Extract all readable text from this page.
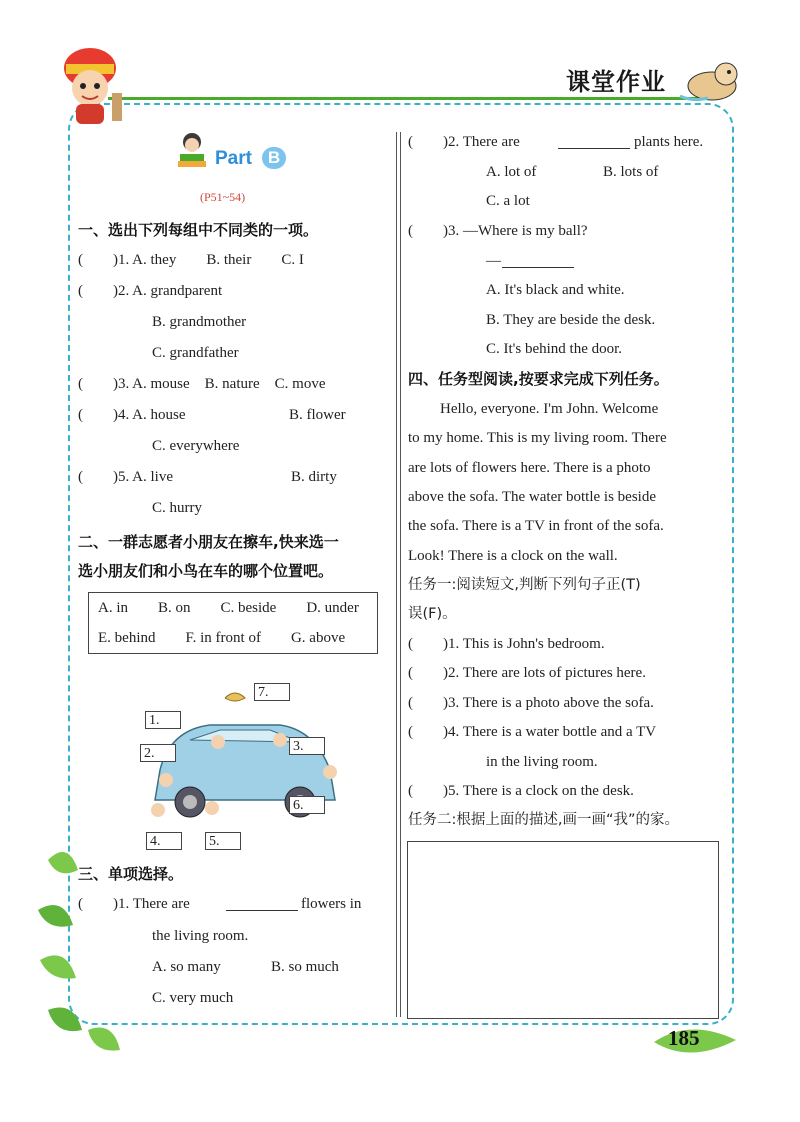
课堂作业
Part B
(P51~54)
一、选出下列每组中不同类的一项。
(　　)1. A. they　　B. their　　C. I
(　　)2. A. grandparent
B. grandmother
C. grandfather
(　　)3. A. mouse　B. nature　C. move
(　　)4. A. house	B. flower
C. everywhere
(　　)5. A. live	B. dirty
C. hurry
二、一群志愿者小朋友在擦车,快来选一
选小朋友们和小鸟在车的哪个位置吧。
A. in　　B. on　　C. beside　　D. under
E. behind　　F. in front of　　G. above
1.
2.	3.
4.	5.
6.
7.
三、单项选择。
(　　)1. There are	flowers in
the living room.
A. so many	B. so much
C. very much
(　　)2. There are	plants here.
A. lot of	B. lots of
C. a lot
(　　)3. —Where is my ball?
—
A. It's black and white.
B. They are beside the desk.
C. It's behind the door.
四、任务型阅读,按要求完成下列任务。
Hello, everyone. I'm John. Welcome
to my home. This is my living room. There
are lots of flowers here. There is a photo
above the sofa. The water bottle is beside
the sofa. There is a TV in front of the sofa.
Look! There is a clock on the wall.
任务一:阅读短文,判断下列句子正(T)
误(F)。
(　　)1. This is John's bedroom.
(　　)2. There are lots of pictures here.
(　　)3. There is a photo above the sofa.
(　　)4. There is a water bottle and a TV
in the living room.
(　　)5. There is a clock on the desk.
任务二:根据上面的描述,画一画“我”的家。
185
